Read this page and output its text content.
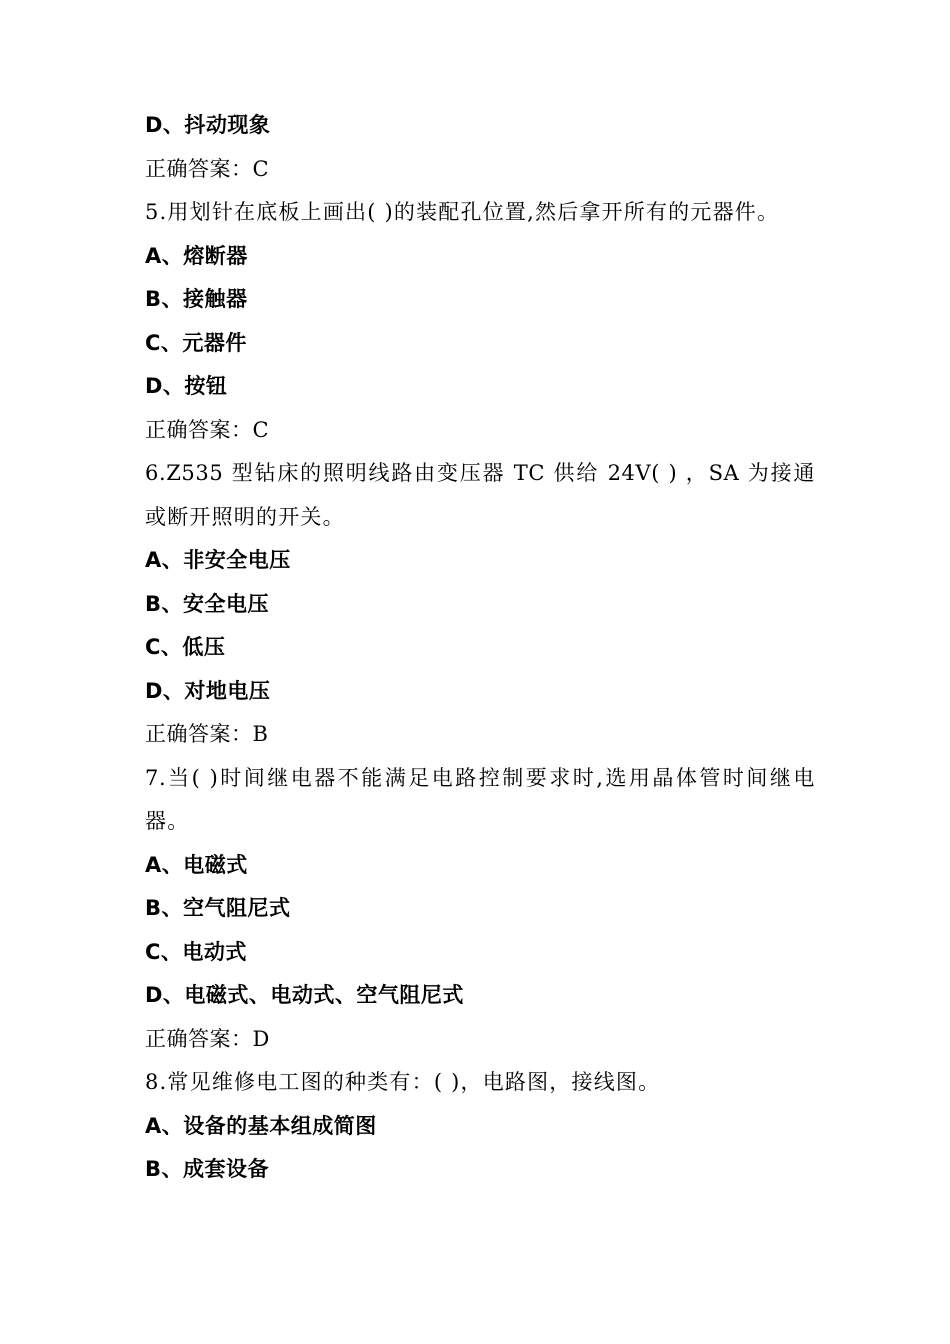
D、抖动现象
正确答案：C
5.用划针在底板上画出( )的装配孔位置,然后拿开所有的元器件。
A、熔断器
B、接触器
C、元器件
D、按钮
正确答案：C
6.Z535 型钻床的照明线路由变压器 TC 供给 24V( ) ，SA 为接通
或断开照明的开关。
A、非安全电压
B、安全电压
C、低压
D、对地电压
正确答案：B
7.当( )时间继电器不能满足电路控制要求时,选用晶体管时间继电
器。
A、电磁式
B、空气阻尼式
C、电动式
D、电磁式、电动式、空气阻尼式
正确答案：D
8.常见维修电工图的种类有：( )，电路图，接线图。
A、设备的基本组成简图
B、成套设备
